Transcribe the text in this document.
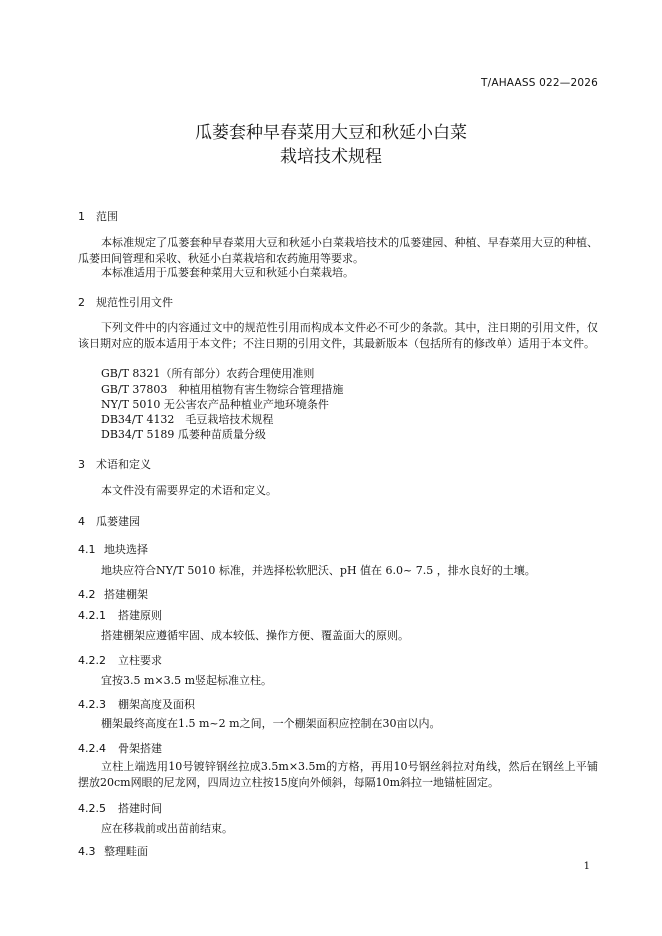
T/AHAASS 022—2026
瓜蒌套种早春菜用大豆和秋延小白菜
栽培技术规程
1 范围
本标准规定了瓜蒌套种早春菜用大豆和秋延小白菜栽培技术的瓜蒌建园、种植、早春菜用大豆的种植、瓜蒌田间管理和采收、秋延小白菜栽培和农药施用等要求。
本标准适用于瓜蒌套种菜用大豆和秋延小白菜栽培。
2 规范性引用文件
下列文件中的内容通过文中的规范性引用而构成本文件必不可少的条款。其中，注日期的引用文件，仅该日期对应的版本适用于本文件；不注日期的引用文件，其最新版本（包括所有的修改单）适用于本文件。
GB/T 8321（所有部分）农药合理使用准则
GB/T 37803　种植用植物有害生物综合管理措施
NY/T 5010 无公害农产品种植业产地环境条件
DB34/T 4132　毛豆栽培技术规程
DB34/T 5189 瓜蒌种苗质量分级
3 术语和定义
本文件没有需要界定的术语和定义。
4 瓜蒌建园
4.1 地块选择
地块应符合NY/T 5010 标准，并选择松软肥沃、pH 值在 6.0~ 7.5 ，排水良好的土壤。
4.2 搭建棚架
4.2.1 搭建原则
搭建棚架应遵循牢固、成本较低、操作方便、覆盖面大的原则。
4.2.2 立柱要求
宜按3.5 m×3.5 m竖起标准立柱。
4.2.3 棚架高度及面积
棚架最终高度在1.5 m~2 m之间，一个棚架面积应控制在30亩以内。
4.2.4 骨架搭建
立柱上端选用10号镀锌钢丝拉成3.5m×3.5m的方格，再用10号钢丝斜拉对角线，然后在钢丝上平铺摆放20cm网眼的尼龙网，四周边立柱按15度向外倾斜，每隔10m斜拉一地锚桩固定。
4.2.5 搭建时间
应在移栽前或出苗前结束。
4.3 整理畦面
1
